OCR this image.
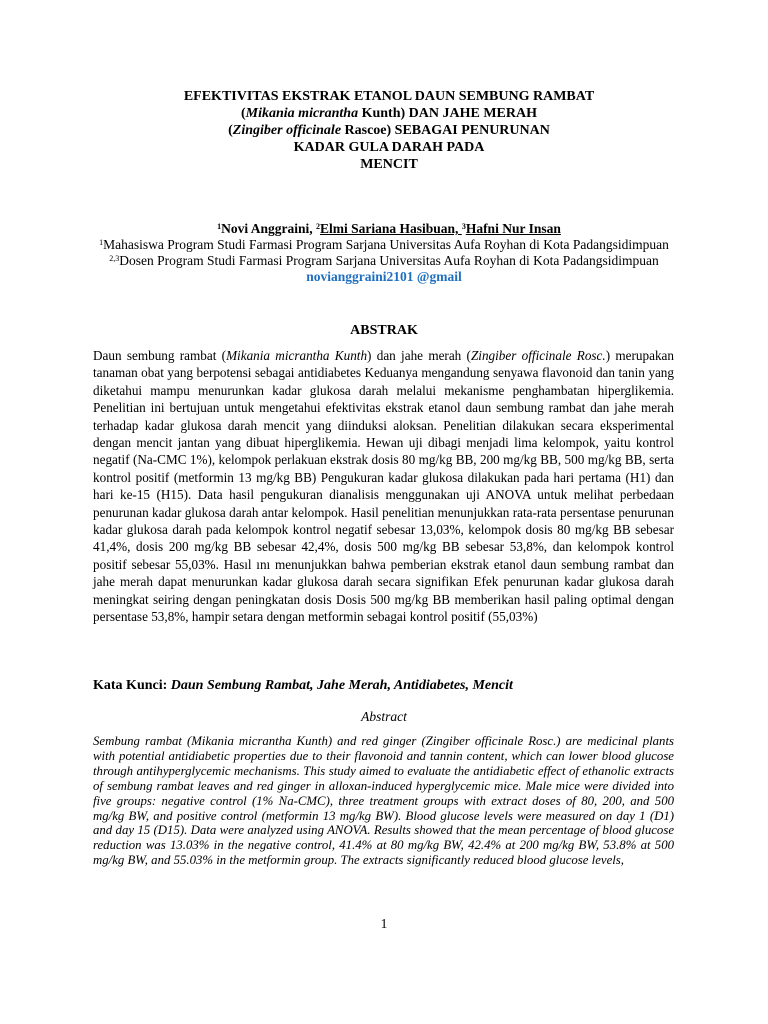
EFEKTIVITAS EKSTRAK ETANOL DAUN SEMBUNG RAMBAT
(Mikania micrantha Kunth) DAN JAHE MERAH
(Zingiber officinale Rascoe) SEBAGAI PENURUNAN
KADAR GULA DARAH PADA
MENCIT
$^1$Novi Anggraini, $^2$Elmi Sariana Hasibuan, $^3$Hafni Nur Insan
$^1$Mahasiswa Program Studi Farmasi Program Sarjana Universitas Aufa Royhan di Kota Padangsidimpuan
$^{2,3}$Dosen Program Studi Farmasi Program Sarjana Universitas Aufa Royhan di Kota Padangsidimpuan
novianggraini2101 @gmail
ABSTRAK
Daun sembung rambat (Mikania micrantha Kunth) dan jahe merah (Zingiber officinale Rosc.) merupakan tanaman obat yang berpotensi sebagai antidiabetes Keduanya mengandung senyawa flavonoid dan tanin yang diketahui mampu menurunkan kadar glukosa darah melalui mekanisme penghambatan hiperglikemia. Penelitian ini bertujuan untuk mengetahui efektivitas ekstrak etanol daun sembung rambat dan jahe merah terhadap kadar glukosa darah mencit yang diinduksi aloksan. Penelitian dilakukan secara eksperimental dengan mencit jantan yang dibuat hiperglikemia. Hewan uji dibagi menjadi lima kelompok, yaitu kontrol negatif (Na-CMC 1%), kelompok perlakuan ekstrak dosis 80 mg/kg BB, 200 mg/kg BB, 500 mg/kg BB, serta kontrol positif (metformin 13 mg/kg BB) Pengukuran kadar glukosa dilakukan pada hari pertama (H1) dan hari ke-15 (H15). Data hasil pengukuran dianalisis menggunakan uji ANOVA untuk melihat perbedaan penurunan kadar glukosa darah antar kelompok. Hasil penelitian menunjukkan rata-rata persentase penurunan kadar glukosa darah pada kelompok kontrol negatif sebesar 13,03%, kelompok dosis 80 mg/kg BB sebesar 41,4%, dosis 200 mg/kg BB sebesar 42,4%, dosis 500 mg/kg BB sebesar 53,8%, dan kelompok kontrol positif sebesar 55,03%. Hasıl ını menunjukkan bahwa pemberian ekstrak etanol daun sembung rambat dan jahe merah dapat menurunkan kadar glukosa darah secara signifikan Efek penurunan kadar glukosa darah meningkat seiring dengan peningkatan dosis Dosis 500 mg/kg BB memberikan hasil paling optimal dengan persentase 53,8%, hampir setara dengan metformin sebagai kontrol positif (55,03%)
Kata Kunci: Daun Sembung Rambat, Jahe Merah, Antidiabetes, Mencit
Abstract
Sembung rambat (Mikania micrantha Kunth) and red ginger (Zingiber officinale Rosc.) are medicinal plants with potential antidiabetic properties due to their flavonoid and tannin content, which can lower blood glucose through antihyperglycemic mechanisms. This study aimed to evaluate the antidiabetic effect of ethanolic extracts of sembung rambat leaves and red ginger in alloxan-induced hyperglycemic mice. Male mice were divided into five groups: negative control (1% Na-CMC), three treatment groups with extract doses of 80, 200, and 500 mg/kg BW, and positive control (metformin 13 mg/kg BW). Blood glucose levels were measured on day 1 (D1) and day 15 (D15). Data were analyzed using ANOVA. Results showed that the mean percentage of blood glucose reduction was 13.03% in the negative control, 41.4% at 80 mg/kg BW, 42.4% at 200 mg/kg BW, 53.8% at 500 mg/kg BW, and 55.03% in the metformin group. The extracts significantly reduced blood glucose levels,
1
